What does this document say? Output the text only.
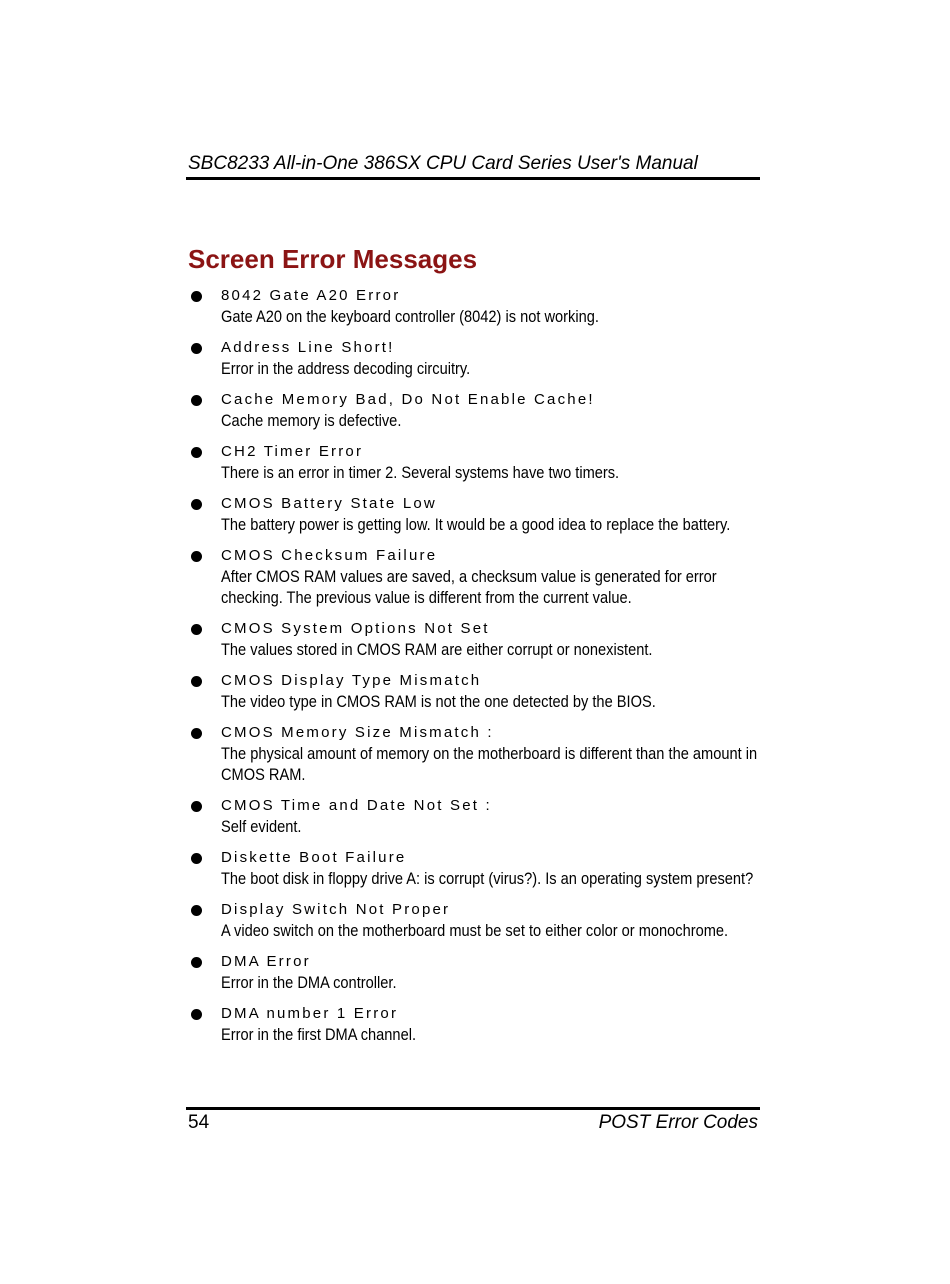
SBC8233 All-in-One 386SX CPU Card Series User's Manual
Screen Error Messages
8042 Gate A20 Error
Gate A20 on the keyboard controller (8042) is not working.
Address Line Short!
Error in the address decoding circuitry.
Cache Memory Bad, Do Not Enable Cache!
Cache memory is defective.
CH2 Timer Error
There is an error in timer 2. Several systems have two timers.
CMOS Battery State Low
The battery power is getting low. It would be a good idea to replace the battery.
CMOS Checksum Failure
After CMOS RAM values are saved, a checksum value is generated for error checking. The previous value is different from the current value.
CMOS System Options Not Set
The values stored in CMOS RAM are either corrupt or nonexistent.
CMOS Display Type Mismatch
The video type in CMOS RAM is not the one detected by the BIOS.
CMOS Memory Size Mismatch :
The physical amount of memory on the motherboard is different than the amount in CMOS RAM.
CMOS Time and Date Not Set :
Self evident.
Diskette Boot Failure
The boot disk in floppy drive A: is corrupt (virus?). Is an operating system present?
Display Switch Not Proper
A video switch on the motherboard must be set to either color or monochrome.
DMA Error
Error in the DMA controller.
DMA number 1 Error
Error in the first DMA channel.
54	POST Error Codes
